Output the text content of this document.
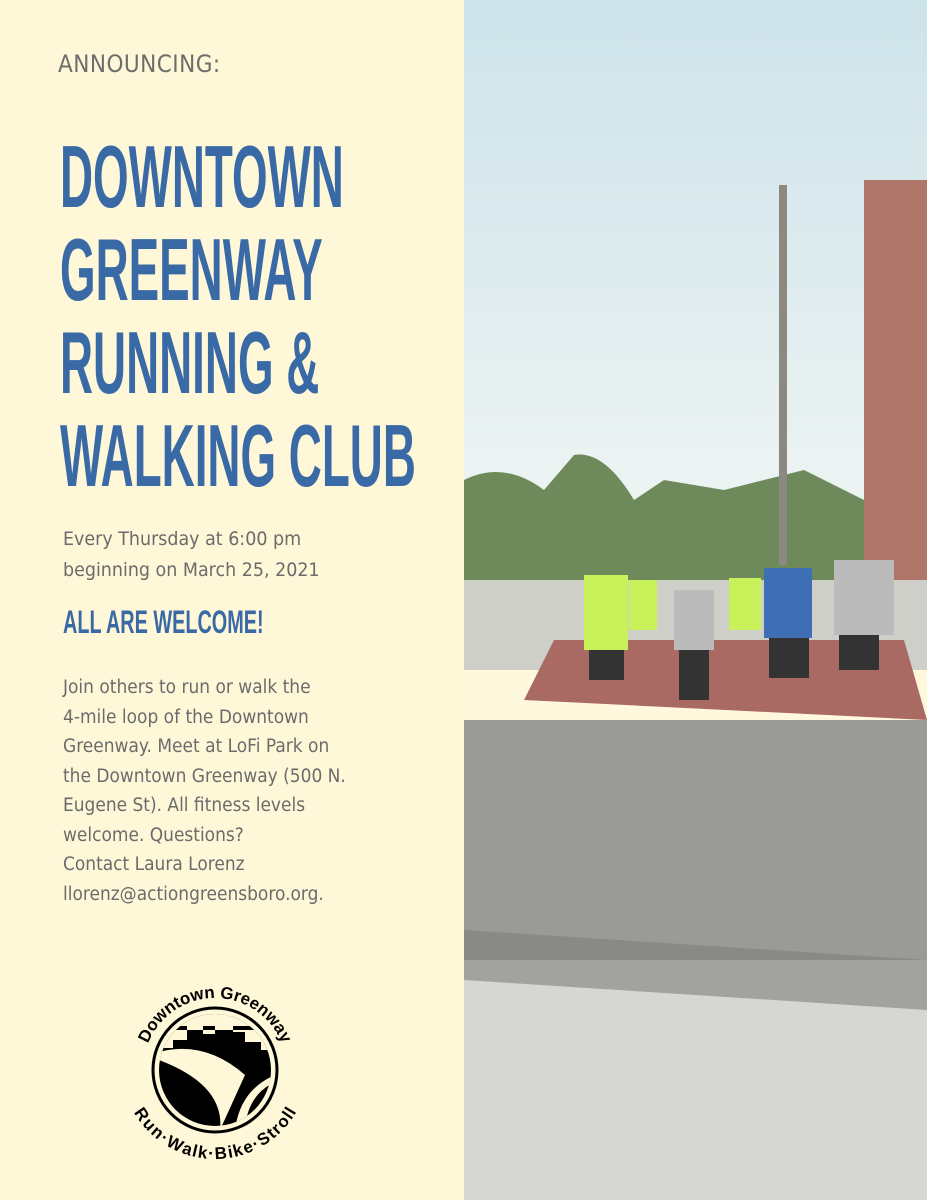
ANNOUNCING:
DOWNTOWN
GREENWAY
RUNNING &
WALKING CLUB
Every Thursday at 6:00 pm
beginning on March 25, 2021
ALL ARE WELCOME!
Join others to run or walk the
4-mile loop of the Downtown
Greenway. Meet at LoFi Park on
the Downtown Greenway (500 N.
Eugene St). All fitness levels
welcome. Questions?
Contact Laura Lorenz
llorenz@actiongreensboro.org.
Downtown Greenway
Run·Walk·Bike·Stroll
